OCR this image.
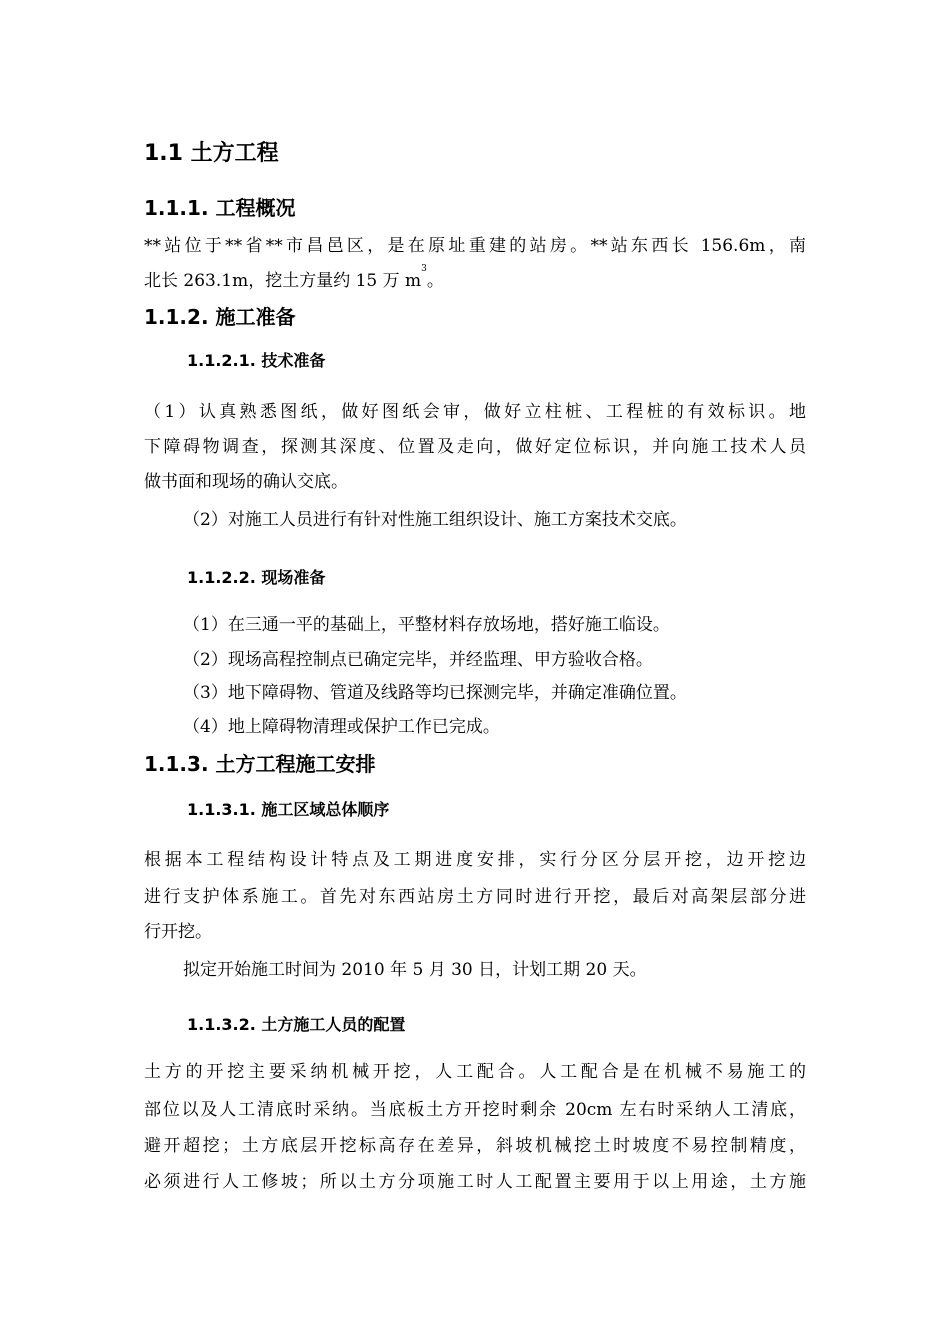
1.1 土方工程
1.1.1. 工程概况
**站位于**省**市昌邑区，是在原址重建的站房。**站东西长 156.6m，南
北长 263.1m，挖土方量约 15 万 $m^3$。
1.1.2. 施工准备
1.1.2.1. 技术准备
（1）认真熟悉图纸，做好图纸会审，做好立柱桩、工程桩的有效标识。地
下障碍物调查，探测其深度、位置及走向，做好定位标识，并向施工技术人员
做书面和现场的确认交底。
（2）对施工人员进行有针对性施工组织设计、施工方案技术交底。
1.1.2.2. 现场准备
（1）在三通一平的基础上，平整材料存放场地，搭好施工临设。
（2）现场高程控制点已确定完毕，并经监理、甲方验收合格。
（3）地下障碍物、管道及线路等均已探测完毕，并确定准确位置。
（4）地上障碍物清理或保护工作已完成。
1.1.3. 土方工程施工安排
1.1.3.1. 施工区域总体顺序
根据本工程结构设计特点及工期进度安排，实行分区分层开挖，边开挖边
进行支护体系施工。首先对东西站房土方同时进行开挖，最后对高架层部分进
行开挖。
拟定开始施工时间为 2010 年 5 月 30 日，计划工期 20 天。
1.1.3.2. 土方施工人员的配置
土方的开挖主要采纳机械开挖，人工配合。人工配合是在机械不易施工的
部位以及人工清底时采纳。当底板土方开挖时剩余 20cm 左右时采纳人工清底，
避开超挖；土方底层开挖标高存在差异，斜坡机械挖土时坡度不易控制精度，
必须进行人工修坡；所以土方分项施工时人工配置主要用于以上用途，土方施
